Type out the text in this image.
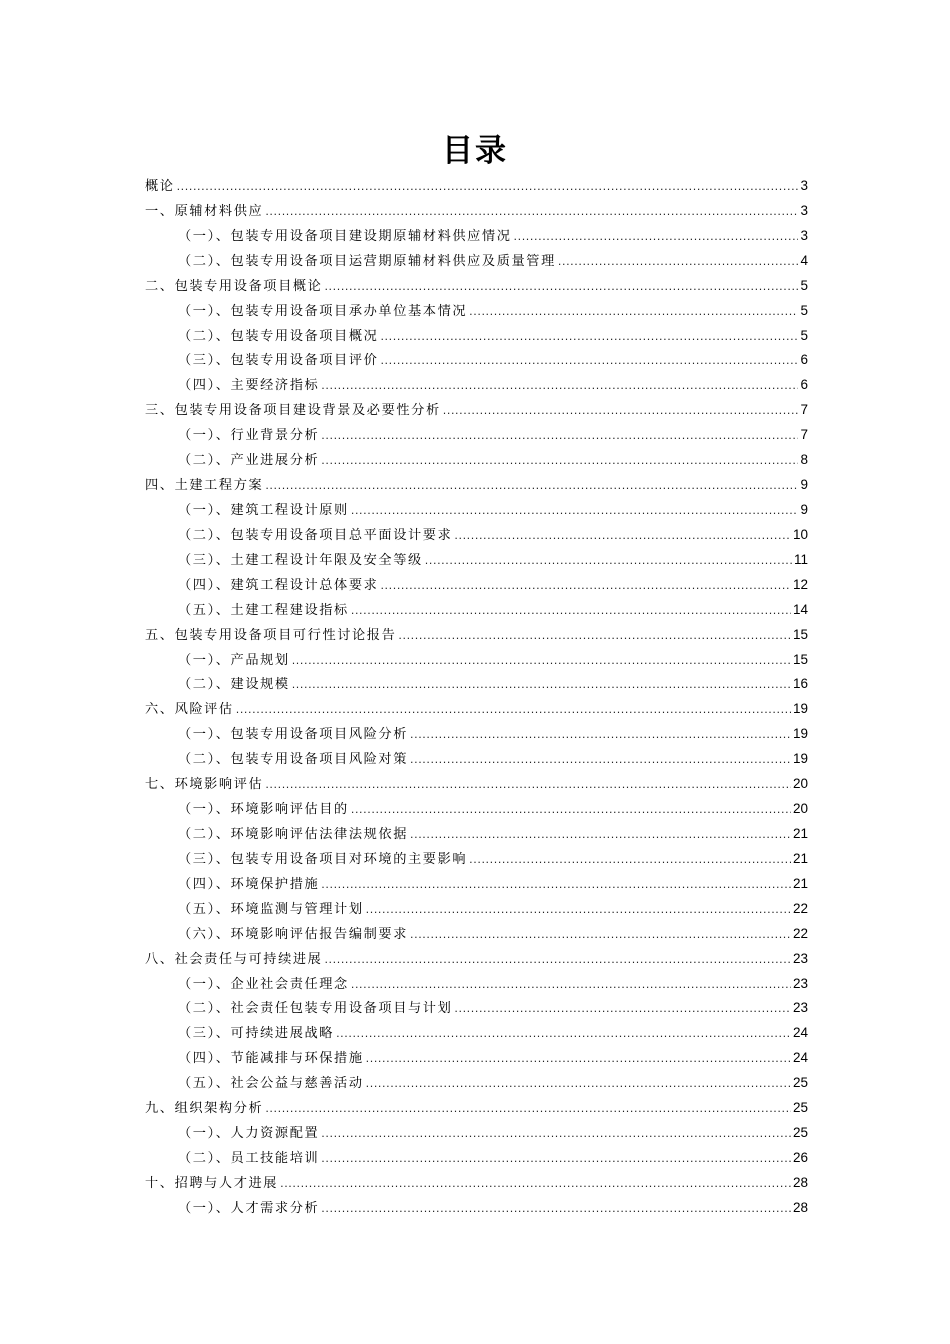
目录
概论 .....	3
一、原辅材料供应 .....	3
（一）、包装专用设备项目建设期原辅材料供应情况 .....	3
（二）、包装专用设备项目运营期原辅材料供应及质量管理 .....	4
二、包装专用设备项目概论 .....	5
（一）、包装专用设备项目承办单位基本情况 .....	5
（二）、包装专用设备项目概况 .....	5
（三）、包装专用设备项目评价 .....	6
（四）、主要经济指标 .....	6
三、包装专用设备项目建设背景及必要性分析 .....	7
（一）、行业背景分析 .....	7
（二）、产业进展分析 .....	8
四、土建工程方案 .....	9
（一）、建筑工程设计原则 .....	9
（二）、包装专用设备项目总平面设计要求 .....	10
（三）、土建工程设计年限及安全等级 .....	11
（四）、建筑工程设计总体要求 .....	12
（五）、土建工程建设指标 .....	14
五、包装专用设备项目可行性讨论报告 .....	15
（一）、产品规划 .....	15
（二）、建设规模 .....	16
六、风险评估 .....	19
（一）、包装专用设备项目风险分析 .....	19
（二）、包装专用设备项目风险对策 .....	19
七、环境影响评估 .....	20
（一）、环境影响评估目的 .....	20
（二）、环境影响评估法律法规依据 .....	21
（三）、包装专用设备项目对环境的主要影响 .....	21
（四）、环境保护措施 .....	21
（五）、环境监测与管理计划 .....	22
（六）、环境影响评估报告编制要求 .....	22
八、社会责任与可持续进展 .....	23
（一）、企业社会责任理念 .....	23
（二）、社会责任包装专用设备项目与计划 .....	23
（三）、可持续进展战略 .....	24
（四）、节能减排与环保措施 .....	24
（五）、社会公益与慈善活动 .....	25
九、组织架构分析 .....	25
（一）、人力资源配置 .....	25
（二）、员工技能培训 .....	26
十、招聘与人才进展 .....	28
（一）、人才需求分析 .....	28
